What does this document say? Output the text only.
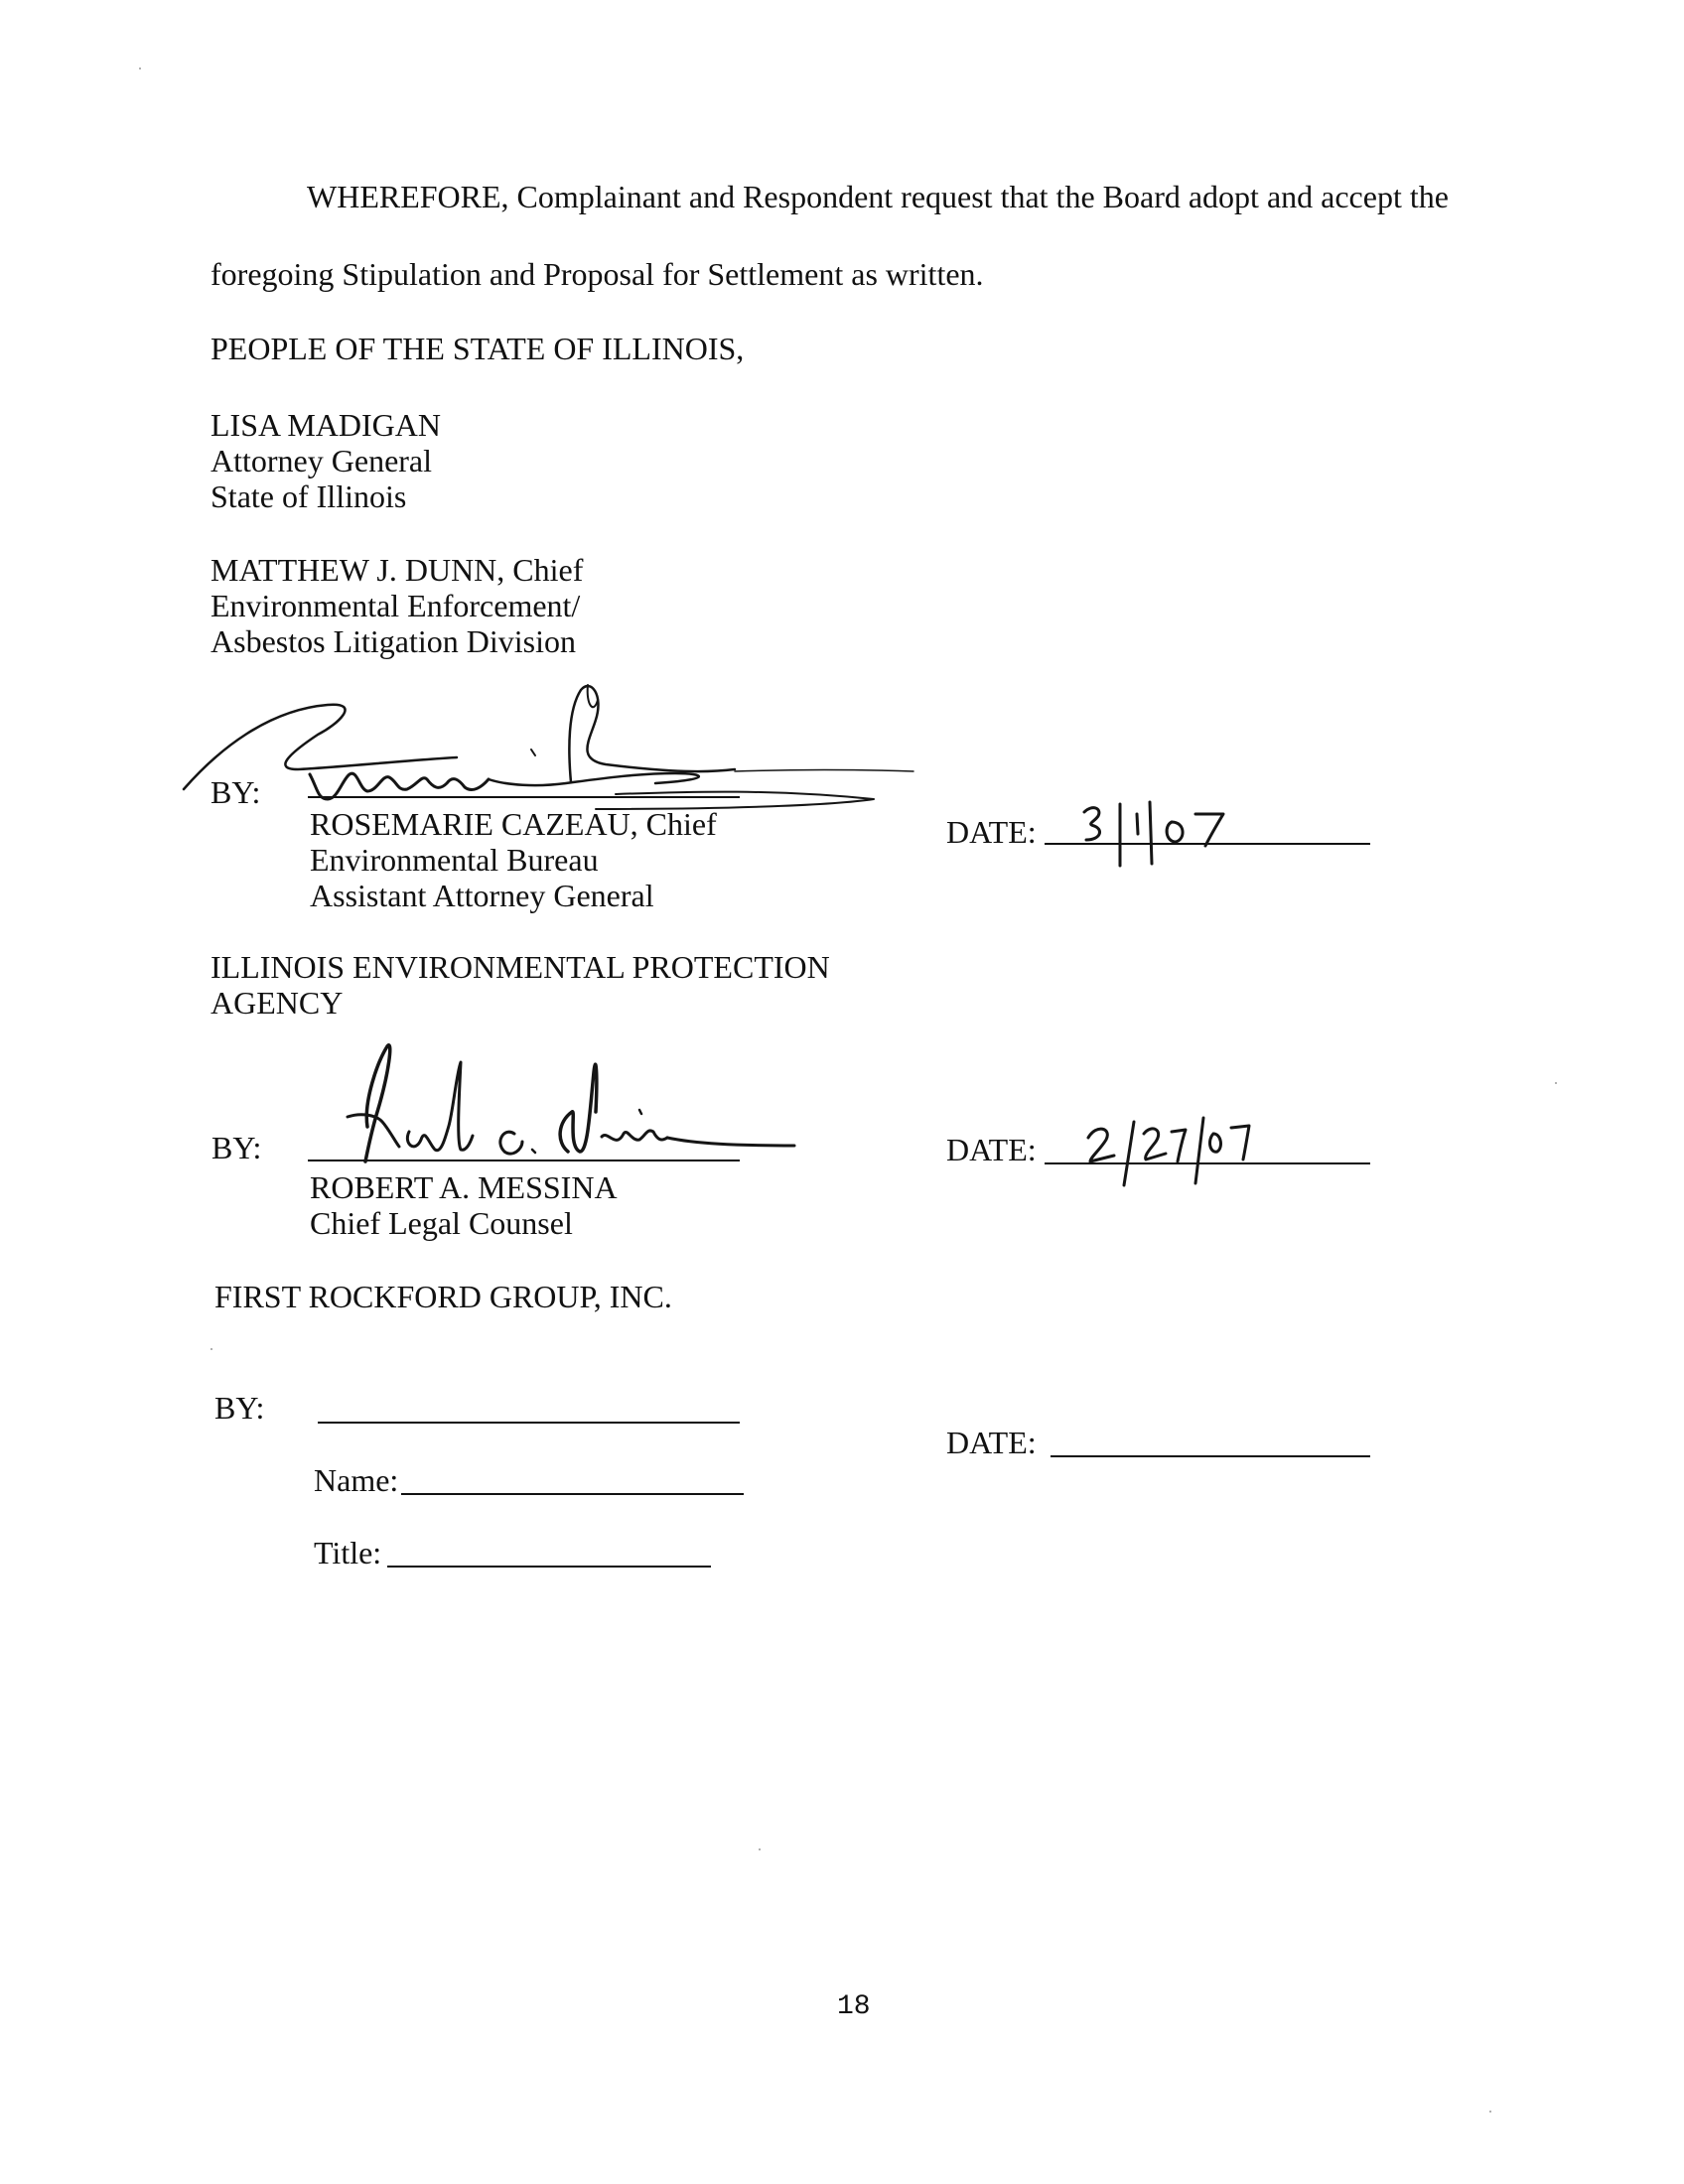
WHEREFORE, Complainant and Respondent request that the Board adopt and accept the
foregoing Stipulation and Proposal for Settlement as written.
PEOPLE OF THE STATE OF ILLINOIS,
LISA MADIGAN
Attorney General
State of Illinois
MATTHEW J. DUNN, Chief
Environmental Enforcement/
Asbestos Litigation Division
BY:
ROSEMARIE CAZEAU, Chief
Environmental Bureau
Assistant Attorney General
DATE:
ILLINOIS ENVIRONMENTAL PROTECTION
AGENCY
BY:
ROBERT A. MESSINA
Chief Legal Counsel
DATE:
FIRST ROCKFORD GROUP, INC.
BY:
DATE:
Name:
Title:
18
